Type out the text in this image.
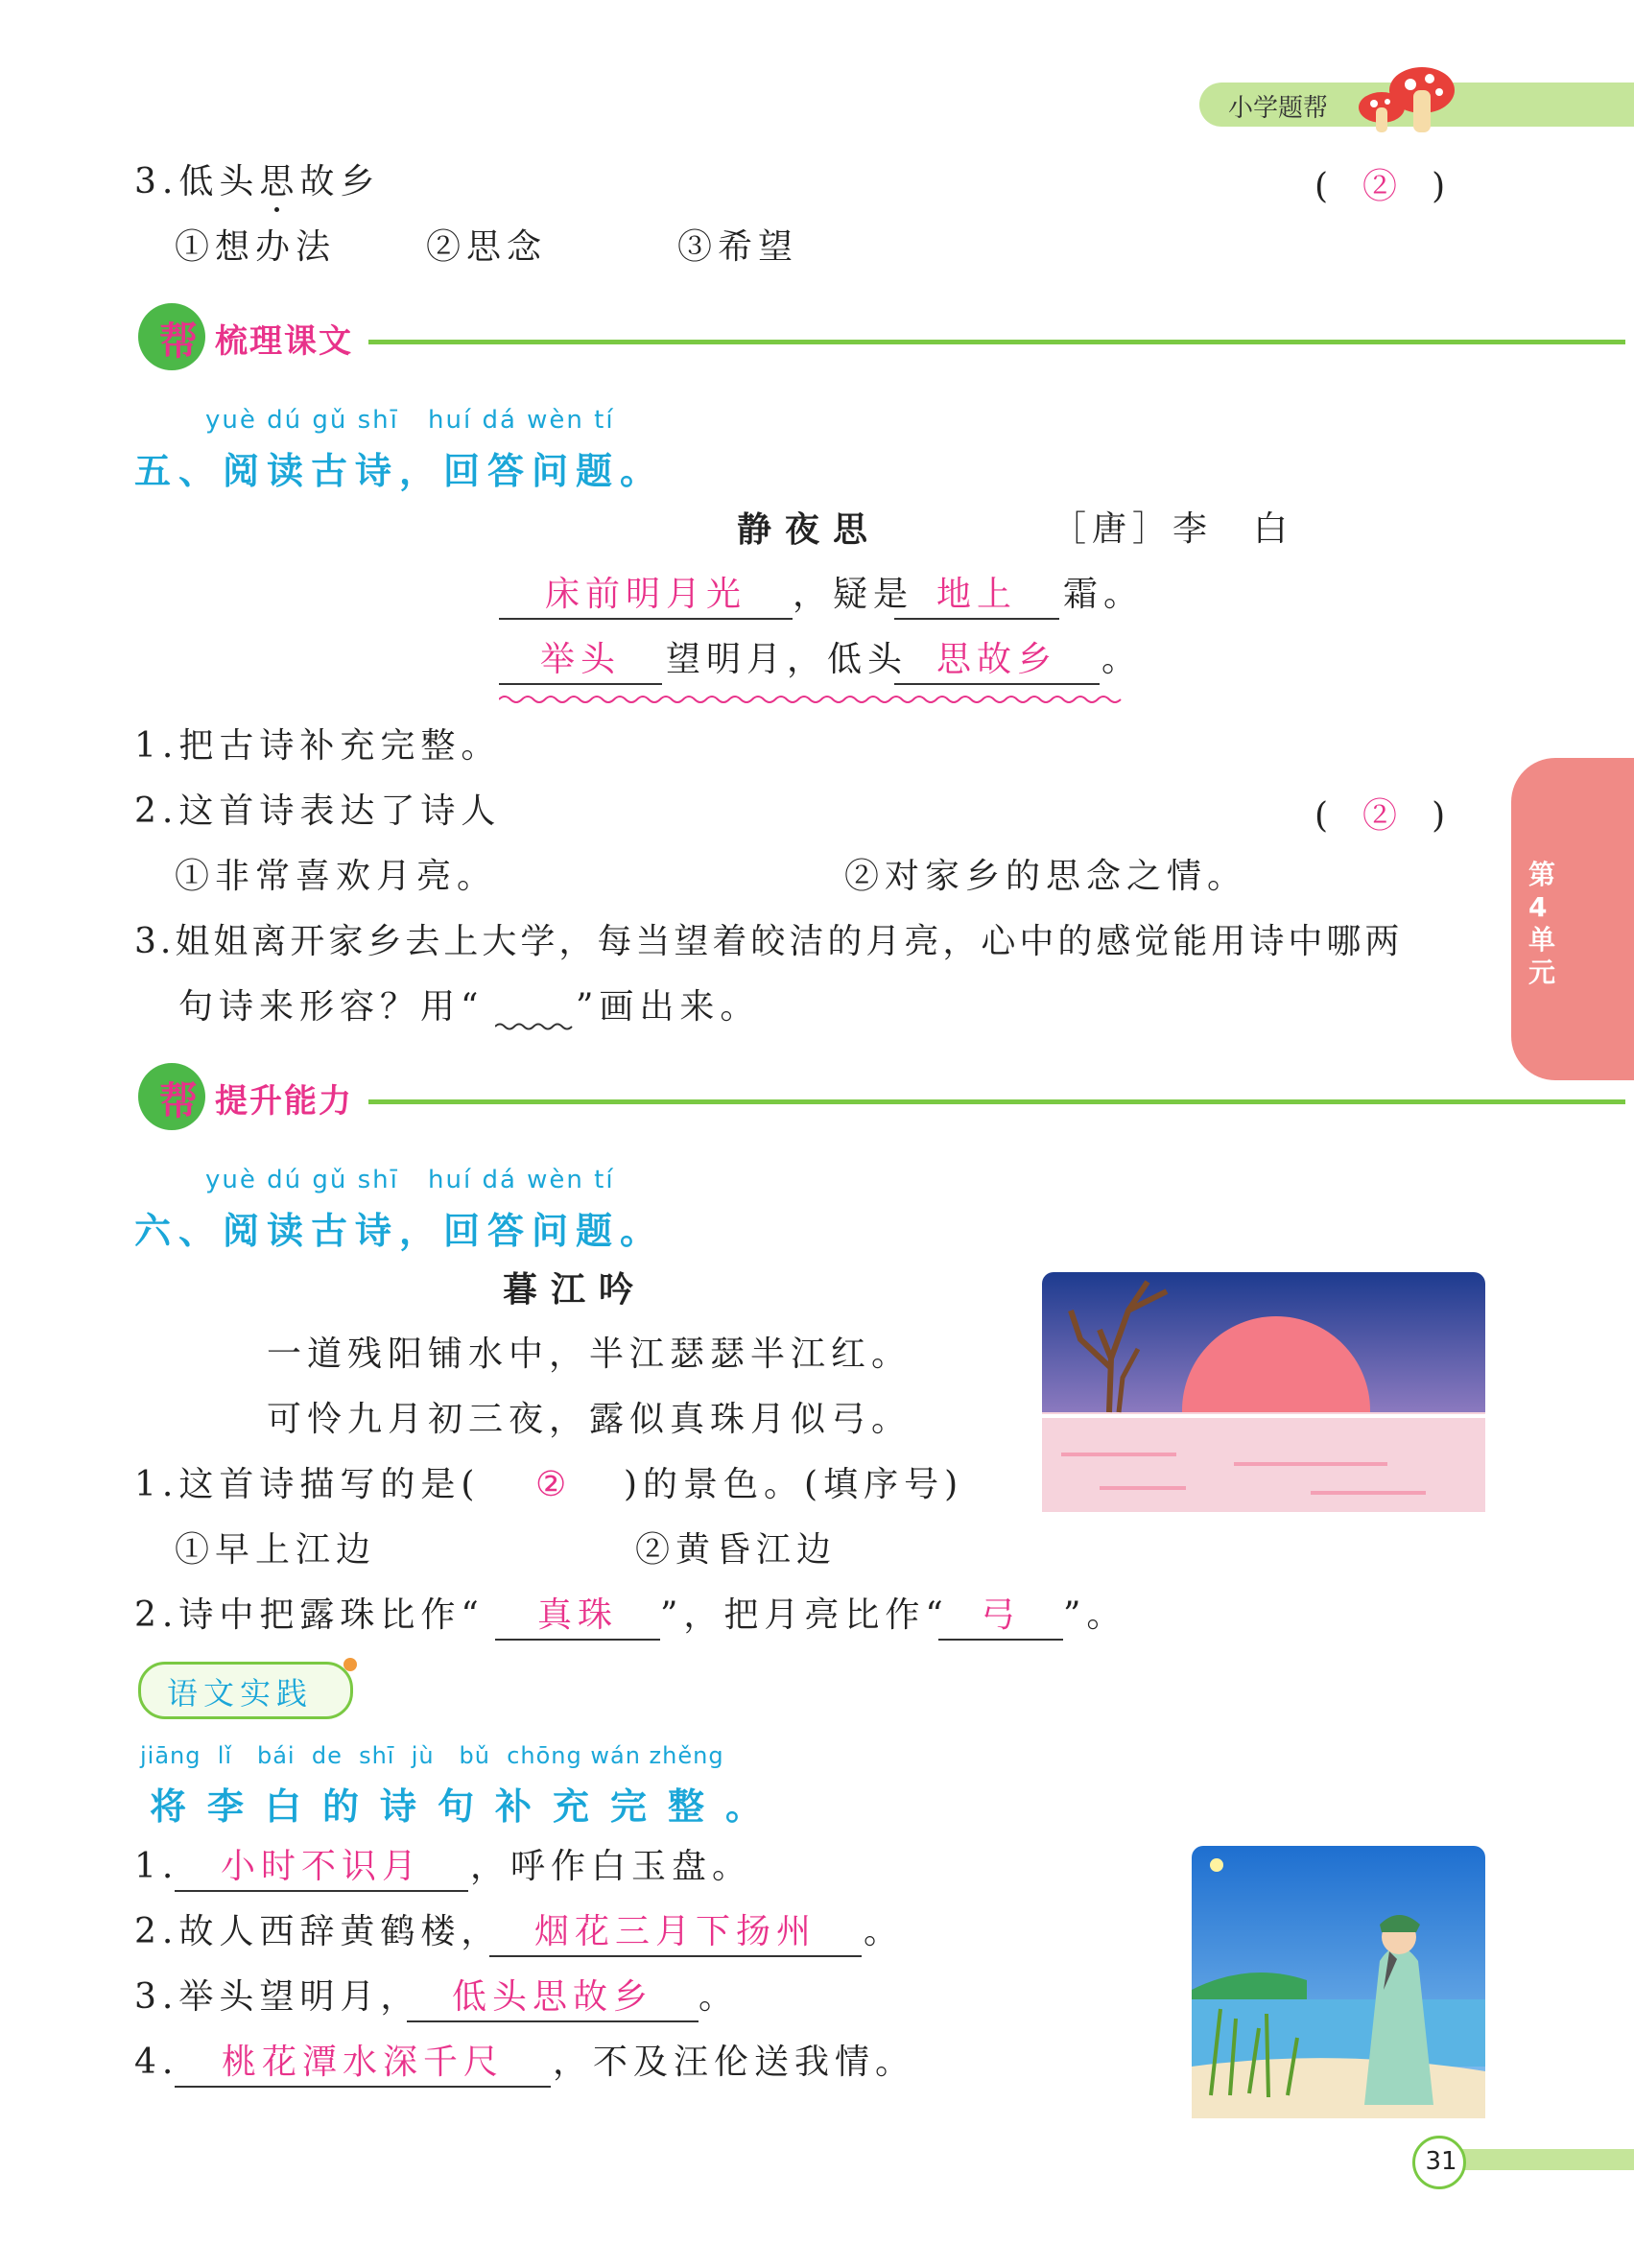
小学题帮
第4单元
3.低头思故乡	(　②　)
①想办法	②思念	③希望
帮 梳理课文
yuè dú gǔ shī huí dá wèn tí
五、阅读古诗，回答问题。
静夜思	［唐］李　白
床前明月光	，疑是 地上	霜。
举头	望明月，低头 思故乡	。
1.把古诗补充完整。
2.这首诗表达了诗人	(　②　)
①非常喜欢月亮。	②对家乡的思念之情。
3.姐姐离开家乡去上大学，每当望着皎洁的月亮，心中的感觉能用诗中哪两
句诗来形容？用“	”画出来。
帮 提升能力
yuè dú gǔ shī huí dá wèn tí
六、阅读古诗，回答问题。
暮江吟
一道残阳铺水中，半江瑟瑟半江红。
可怜九月初三夜，露似真珠月似弓。
1.这首诗描写的是( ② )的景色。(填序号)
①早上江边	②黄昏江边
2.诗中把露珠比作“	真珠	”，把月亮比作“ 弓	”。
语文实践
jiāng  lǐ   bái  de  shī  jù   bǔ  chōng wán zhěng
将李白的诗句补充完整。
1.	小时不识月	，呼作白玉盘。
2.故人西辞黄鹤楼， 烟花三月下扬州	。
3.举头望明月， 低头思故乡	。
4.	桃花潭水深千尺	，不及汪伦送我情。
31
